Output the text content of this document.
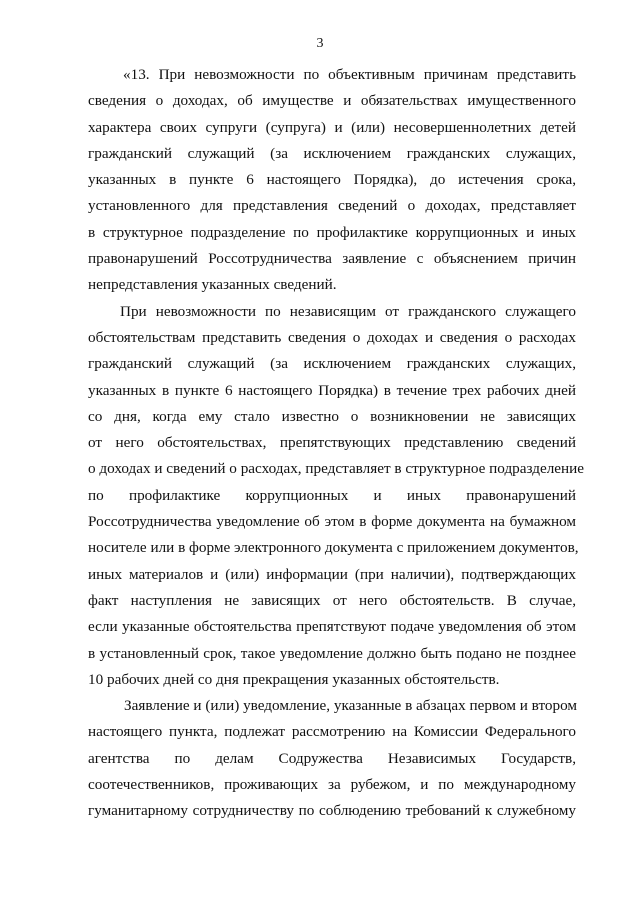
3
«13. При невозможности по объективным причинам представить
сведения о доходах, об имуществе и обязательствах имущественного
характера своих супруги (супруга) и (или) несовершеннолетних детей
гражданский служащий (за исключением гражданских служащих,
указанных в пункте 6 настоящего Порядка), до истечения срока,
установленного для представления сведений о доходах, представляет
в структурное подразделение по профилактике коррупционных и иных
правонарушений Россотрудничества заявление с объяснением причин
непредставления указанных сведений.
При невозможности по независящим от гражданского служащего
обстоятельствам представить сведения о доходах и сведения о расходах
гражданский служащий (за исключением гражданских служащих,
указанных в пункте 6 настоящего Порядка) в течение трех рабочих дней
со дня, когда ему стало известно о возникновении не зависящих
от него обстоятельствах, препятствующих представлению сведений
о доходах и сведений о расходах, представляет в структурное подразделение
по профилактике коррупционных и иных правонарушений
Россотрудничества уведомление об этом в форме документа на бумажном
носителе или в форме электронного документа с приложением документов,
иных материалов и (или) информации (при наличии), подтверждающих
факт наступления не зависящих от него обстоятельств. В случае,
если указанные обстоятельства препятствуют подаче уведомления об этом
в установленный срок, такое уведомление должно быть подано не позднее
10 рабочих дней со дня прекращения указанных обстоятельств.
Заявление и (или) уведомление, указанные в абзацах первом и втором
настоящего пункта, подлежат рассмотрению на Комиссии Федерального
агентства по делам Содружества Независимых Государств,
соотечественников, проживающих за рубежом, и по международному
гуманитарному сотрудничеству по соблюдению требований к служебному
